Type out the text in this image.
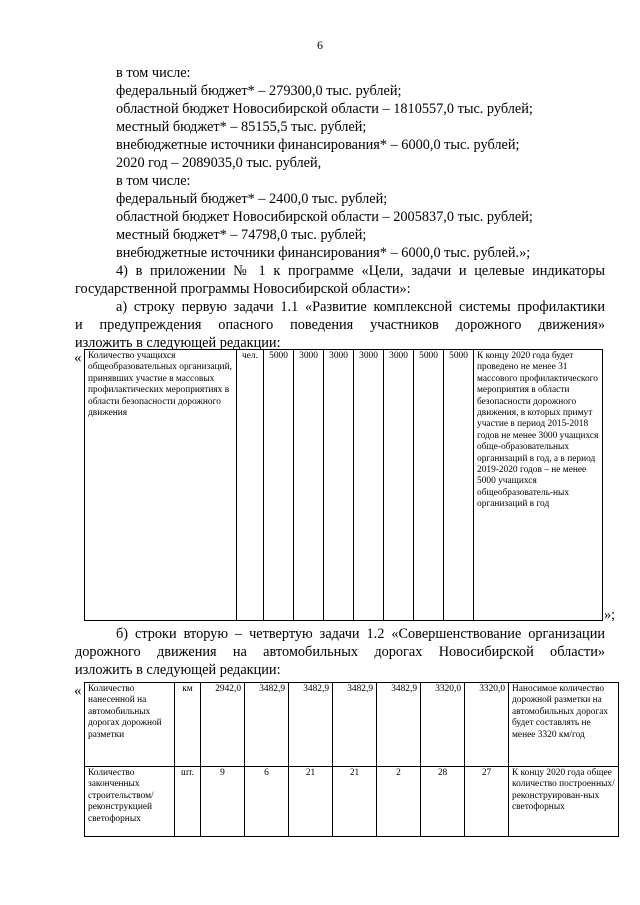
6
в том числе:
федеральный бюджет* – 279300,0 тыс. рублей;
областной бюджет Новосибирской области – 1810557,0 тыс. рублей;
местный бюджет* – 85155,5 тыс. рублей;
внебюджетные источники финансирования* – 6000,0 тыс. рублей;
2020 год – 2089035,0 тыс. рублей,
в том числе:
федеральный бюджет* – 2400,0 тыс. рублей;
областной бюджет Новосибирской области – 2005837,0 тыс. рублей;
местный бюджет* – 74798,0 тыс. рублей;
внебюджетные источники финансирования* – 6000,0 тыс. рублей.»;
4) в приложении № 1 к программе «Цели, задачи и целевые индикаторы
государственной программы Новосибирской области»:
а) строку первую задачи 1.1 «Развитие комплексной системы профилактики
и предупреждения опасного поведения участников дорожного движения»
изложить в следующей редакции:
« Количество учащихся общеобразовательных организаций, принявших участие в массовых профилактических мероприятиях в области безопасности дорожного движения	чел.	5000	3000	3000	3000	3000	5000	5000	К концу 2020 года будет проведено не менее 31 массового профилактического мероприятия в области безопасности дорожного движения, в которых примут участие в период 2015-2018 годов не менее 3000 учащихся обще-образовательных организаций в год, а в период 2019-2020 годов – не менее 5000 учащихся общеобразователь-ных организаций в год
»;
б) строки вторую – четвертую задачи 1.2 «Совершенствование организации
дорожного движения на автомобильных дорогах Новосибирской области»
изложить в следующей редакции:
« Количество нанесенной на автомобильных дорогах дорожной разметки	км	2942,0	3482,9	3482,9	3482,9	3482,9	3320,0	3320,0	Наносимое количество дорожной разметки на автомобильных дорогах будет составлять не менее 3320 км/год
Количество законченных строительством/ реконструкцией светофорных	шт.	9	6	21	21	2	28	27	К концу 2020 года общее количество построенных/ реконструирован-ных светофорных
